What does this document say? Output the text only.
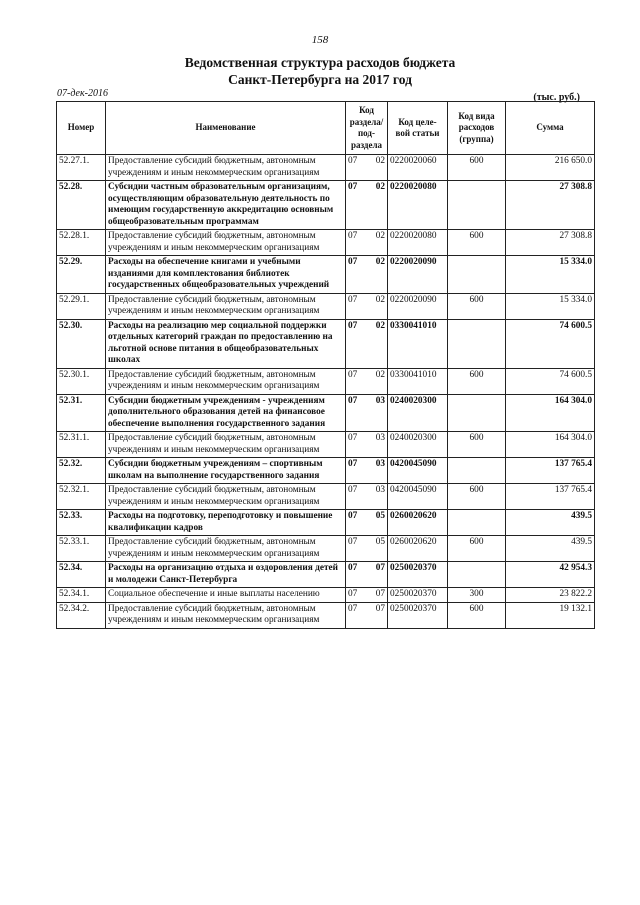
158
Ведомственная структура расходов бюджета
Санкт-Петербурга на 2017 год
07-дек-2016	(тыс. руб.)
Номер	Наименование	Код раздела/ под- раздела	Код целе- вой статьи	Код вида расходов (группа)	Сумма
52.27.1.	Предоставление субсидий бюджетным, автономным учреждениям и иным некоммерческим организациям	07 02	0220020060	600	216 650.0
52.28.	Субсидии частным образовательным организациям, осуществляющим образовательную деятельность по имеющим государственную аккредитацию основным общеобразовательным программам	07 02	0220020080		27 308.8
52.28.1.	Предоставление субсидий бюджетным, автономным учреждениям и иным некоммерческим организациям	07 02	0220020080	600	27 308.8
52.29.	Расходы на обеспечение книгами и учебными изданиями для комплектования библиотек государственных общеобразовательных учреждений	07 02	0220020090		15 334.0
52.29.1.	Предоставление субсидий бюджетным, автономным учреждениям и иным некоммерческим организациям	07 02	0220020090	600	15 334.0
52.30.	Расходы на реализацию мер социальной поддержки отдельных категорий граждан по предоставлению на льготной основе питания в общеобразовательных школах	07 02	0330041010		74 600.5
52.30.1.	Предоставление субсидий бюджетным, автономным учреждениям и иным некоммерческим организациям	07 02	0330041010	600	74 600.5
52.31.	Субсидии бюджетным учреждениям - учреждениям дополнительного образования детей на финансовое обеспечение выполнения государственного задания	07 03	0240020300		164 304.0
52.31.1.	Предоставление субсидий бюджетным, автономным учреждениям и иным некоммерческим организациям	07 03	0240020300	600	164 304.0
52.32.	Субсидии бюджетным учреждениям – спортивным школам на выполнение государственного задания	07 03	0420045090		137 765.4
52.32.1.	Предоставление субсидий бюджетным, автономным учреждениям и иным некоммерческим организациям	07 03	0420045090	600	137 765.4
52.33.	Расходы на подготовку, переподготовку и повышение квалификации кадров	07 05	0260020620		439.5
52.33.1.	Предоставление субсидий бюджетным, автономным учреждениям и иным некоммерческим организациям	07 05	0260020620	600	439.5
52.34.	Расходы на организацию отдыха и оздоровления детей и молодежи Санкт-Петербурга	07 07	0250020370		42 954.3
52.34.1.	Социальное обеспечение и иные выплаты населению	07 07	0250020370	300	23 822.2
52.34.2.	Предоставление субсидий бюджетным, автономным учреждениям и иным некоммерческим организациям	07 07	0250020370	600	19 132.1
